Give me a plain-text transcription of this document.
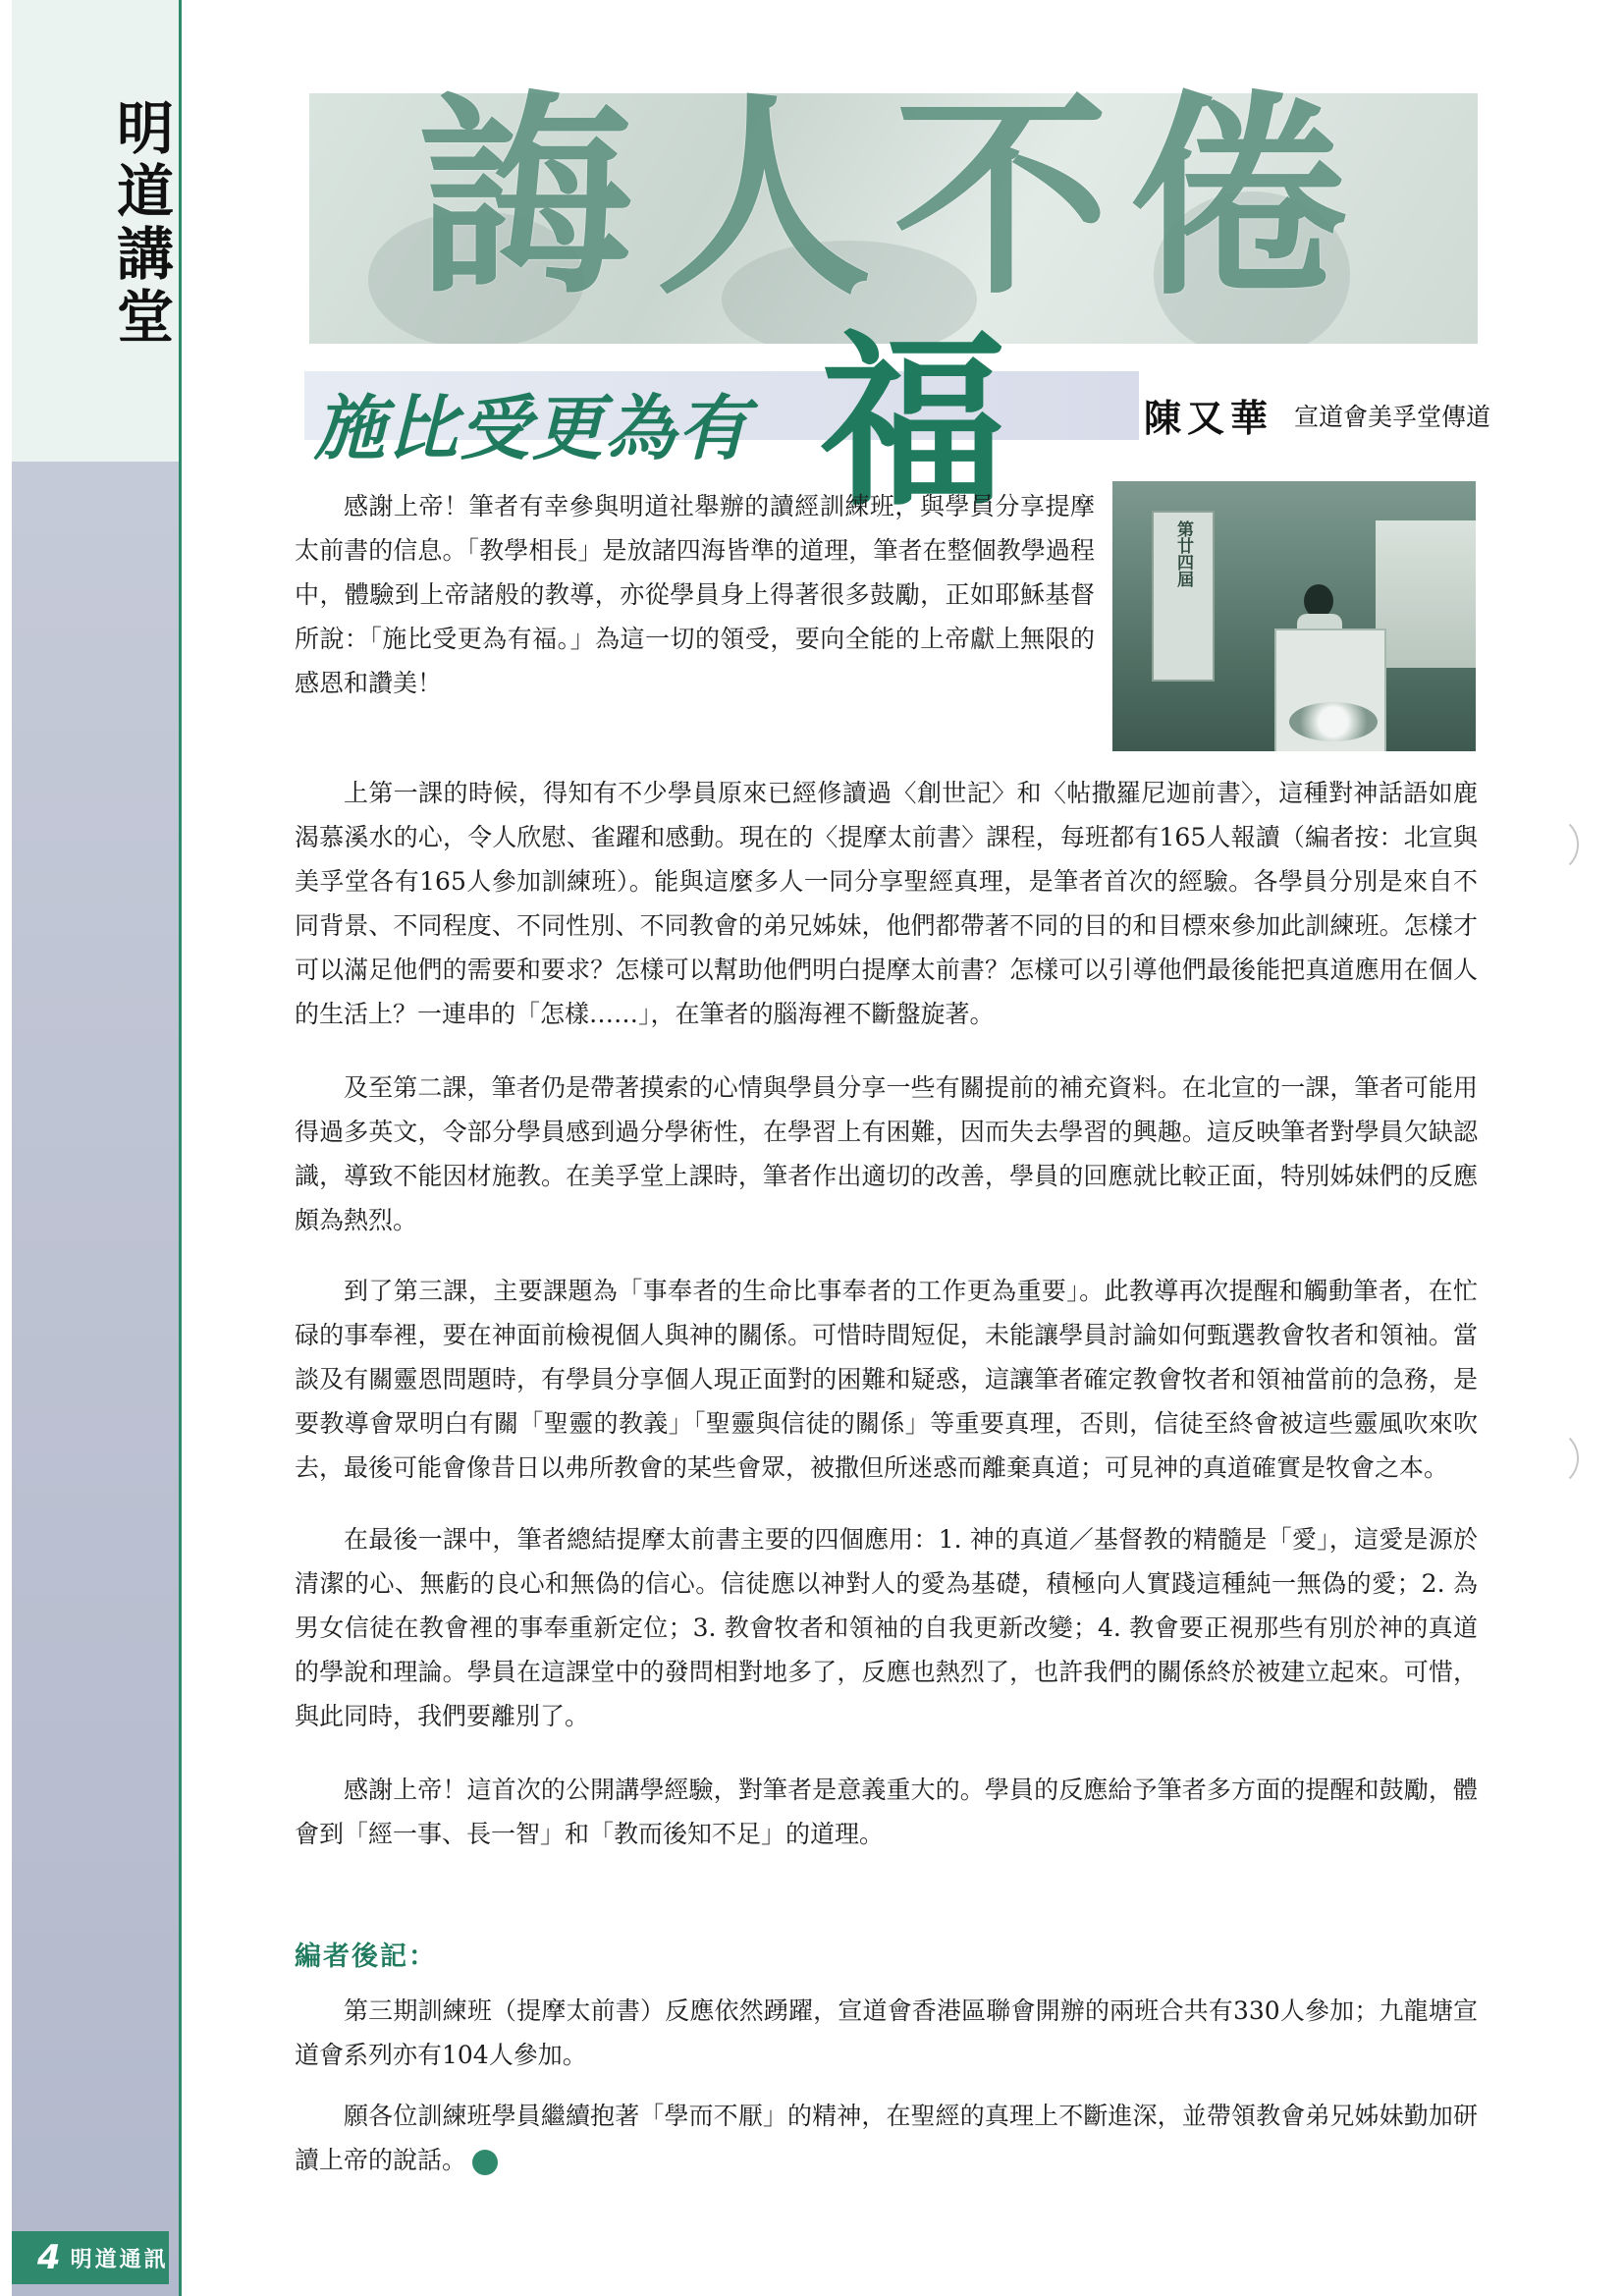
明道講堂	誨人不倦
施比受更為有 福	陳又華 宣道會美孚堂傳道
第廿四屆

感謝上帝！筆者有幸參與明道社舉辦的讀經訓練班，與學員分享提摩太前書的信息。「教學相長」是放諸四海皆準的道理，筆者在整個教學過程中，體驗到上帝諸般的教導，亦從學員身上得著很多鼓勵，正如耶穌基督所說：「施比受更為有福。」為這一切的領受，要向全能的上帝獻上無限的感恩和讚美！

上第一課的時候，得知有不少學員原來已經修讀過〈創世記〉和〈帖撒羅尼迦前書〉，這種對神話語如鹿渴慕溪水的心，令人欣慰、雀躍和感動。現在的〈提摩太前書〉課程，每班都有165人報讀（編者按：北宣與美孚堂各有165人參加訓練班）。能與這麼多人一同分享聖經真理，是筆者首次的經驗。各學員分別是來自不同背景、不同程度、不同性別、不同教會的弟兄姊妹，他們都帶著不同的目的和目標來參加此訓練班。怎樣才可以滿足他們的需要和要求？怎樣可以幫助他們明白提摩太前書？怎樣可以引導他們最後能把真道應用在個人的生活上？一連串的「怎樣……」，在筆者的腦海裡不斷盤旋著。

及至第二課，筆者仍是帶著摸索的心情與學員分享一些有關提前的補充資料。在北宣的一課，筆者可能用得過多英文，令部分學員感到過分學術性，在學習上有困難，因而失去學習的興趣。這反映筆者對學員欠缺認識，導致不能因材施教。在美孚堂上課時，筆者作出適切的改善，學員的回應就比較正面，特別姊妹們的反應頗為熱烈。

到了第三課，主要課題為「事奉者的生命比事奉者的工作更為重要」。此教導再次提醒和觸動筆者，在忙碌的事奉裡，要在神面前檢視個人與神的關係。可惜時間短促，未能讓學員討論如何甄選教會牧者和領袖。當談及有關靈恩問題時，有學員分享個人現正面對的困難和疑惑，這讓筆者確定教會牧者和領袖當前的急務，是要教導會眾明白有關「聖靈的教義」「聖靈與信徒的關係」等重要真理，否則，信徒至終會被這些靈風吹來吹去，最後可能會像昔日以弗所教會的某些會眾，被撒但所迷惑而離棄真道；可見神的真道確實是牧會之本。

在最後一課中，筆者總結提摩太前書主要的四個應用：1. 神的真道／基督教的精髓是「愛」，這愛是源於清潔的心、無虧的良心和無偽的信心。信徒應以神對人的愛為基礎，積極向人實踐這種純一無偽的愛；2. 為男女信徒在教會裡的事奉重新定位；3. 教會牧者和領袖的自我更新改變；4. 教會要正視那些有別於神的真道的學說和理論。學員在這課堂中的發問相對地多了，反應也熱烈了，也許我們的關係終於被建立起來。可惜，與此同時，我們要離別了。

感謝上帝！這首次的公開講學經驗，對筆者是意義重大的。學員的反應給予筆者多方面的提醒和鼓勵，體會到「經一事、長一智」和「教而後知不足」的道理。

編者後記：

第三期訓練班（提摩太前書）反應依然踴躍，宣道會香港區聯會開辦的兩班合共有330人參加；九龍塘宣道會系列亦有104人參加。

願各位訓練班學員繼續抱著「學而不厭」的精神，在聖經的真理上不斷進深，並帶領教會弟兄姊妹勤加研讀上帝的說話。

4 明道通訊
